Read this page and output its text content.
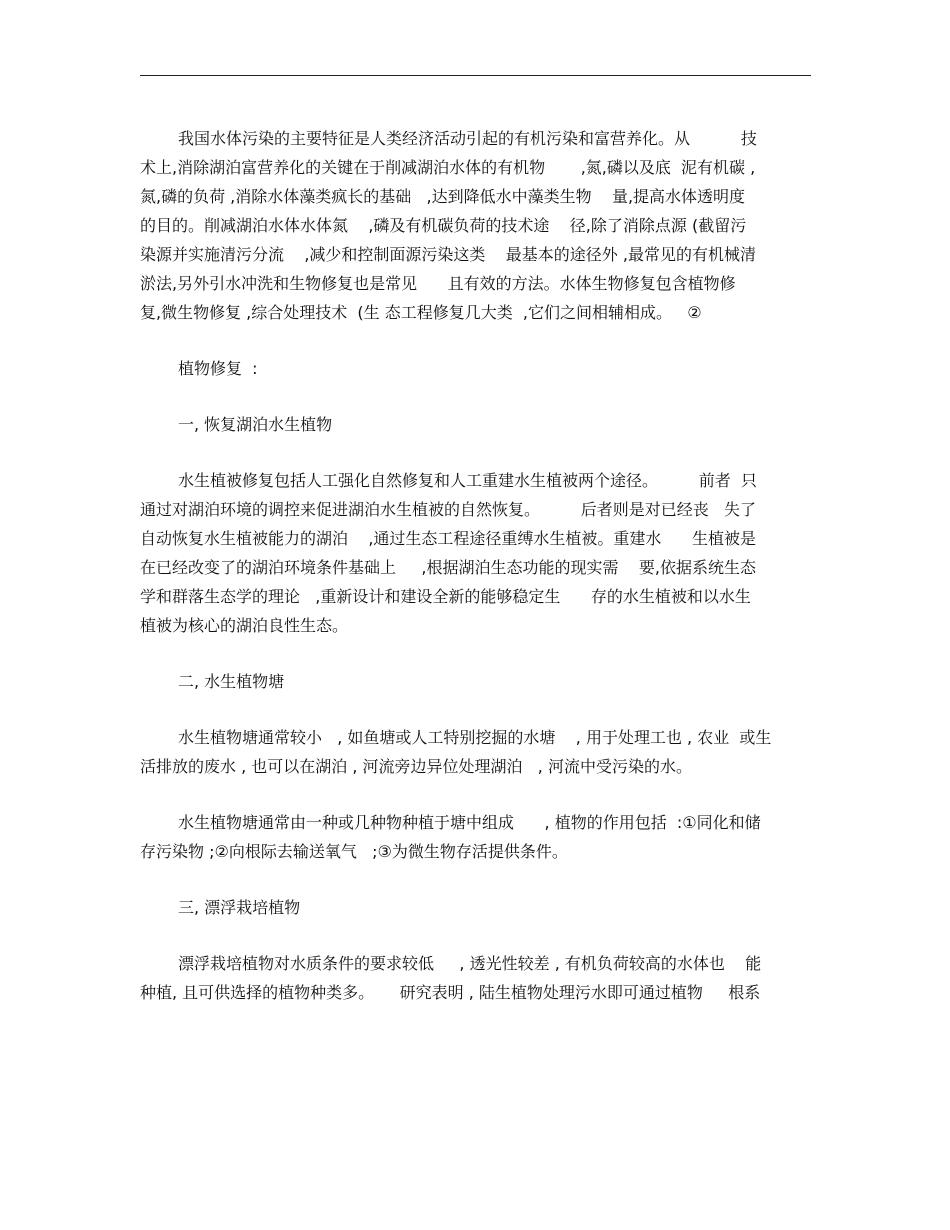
我国水体污染的主要特征是人类经济活动引起的有机污染和富营养化。从          技
术上,消除湖泊富营养化的关键在于削减湖泊水体的有机物       ,氮,磷以及底  泥有机碳 ,
氮,磷的负荷 ,消除水体藻类疯长的基础   ,达到降低水中藻类生物    量,提高水体透明度
的目的。削减湖泊水体水体氮    ,磷及有机碳负荷的技术途    径,除了消除点源 (截留污
染源并实施清污分流    ,减少和控制面源污染这类    最基本的途径外 ,最常见的有机械清
淤法,另外引水冲洗和生物修复也是常见      且有效的方法。水体生物修复包含植物修
复,微生物修复 ,综合处理技术  (生 态工程修复几大类  ,它们之间相辅相成。   ②
植物修复  :
一, 恢复湖泊水生植物
水生植被修复包括人工强化自然修复和人工重建水生植被两个途径。        前者  只
通过对湖泊环境的调控来促进湖泊水生植被的自然恢复。        后者则是对已经丧   失了
自动恢复水生植被能力的湖泊    ,通过生态工程途径重缚水生植被。重建水      生植被是
在已经改变了的湖泊环境条件基础上     ,根据湖泊生态功能的现实需    要,依据系统生态
学和群落生态学的理论   ,重新设计和建设全新的能够稳定生      存的水生植被和以水生
植被为核心的湖泊良性生态。
二, 水生植物塘
水生植物塘通常较小   , 如鱼塘或人工特别挖掘的水塘    , 用于处理工也 , 农业  或生
活排放的废水 , 也可以在湖泊 , 河流旁边异位处理湖泊   , 河流中受污染的水。
水生植物塘通常由一种或几种物种植于塘中组成      , 植物的作用包括  :①同化和储
存污染物 ;②向根际去输送氧气   ;③为微生物存活提供条件。
三, 漂浮栽培植物
漂浮栽培植物对水质条件的要求较低     , 透光性较差 , 有机负荷较高的水体也    能
种植, 且可供选择的植物种类多。     研究表明 , 陆生植物处理污水即可通过植物     根系
